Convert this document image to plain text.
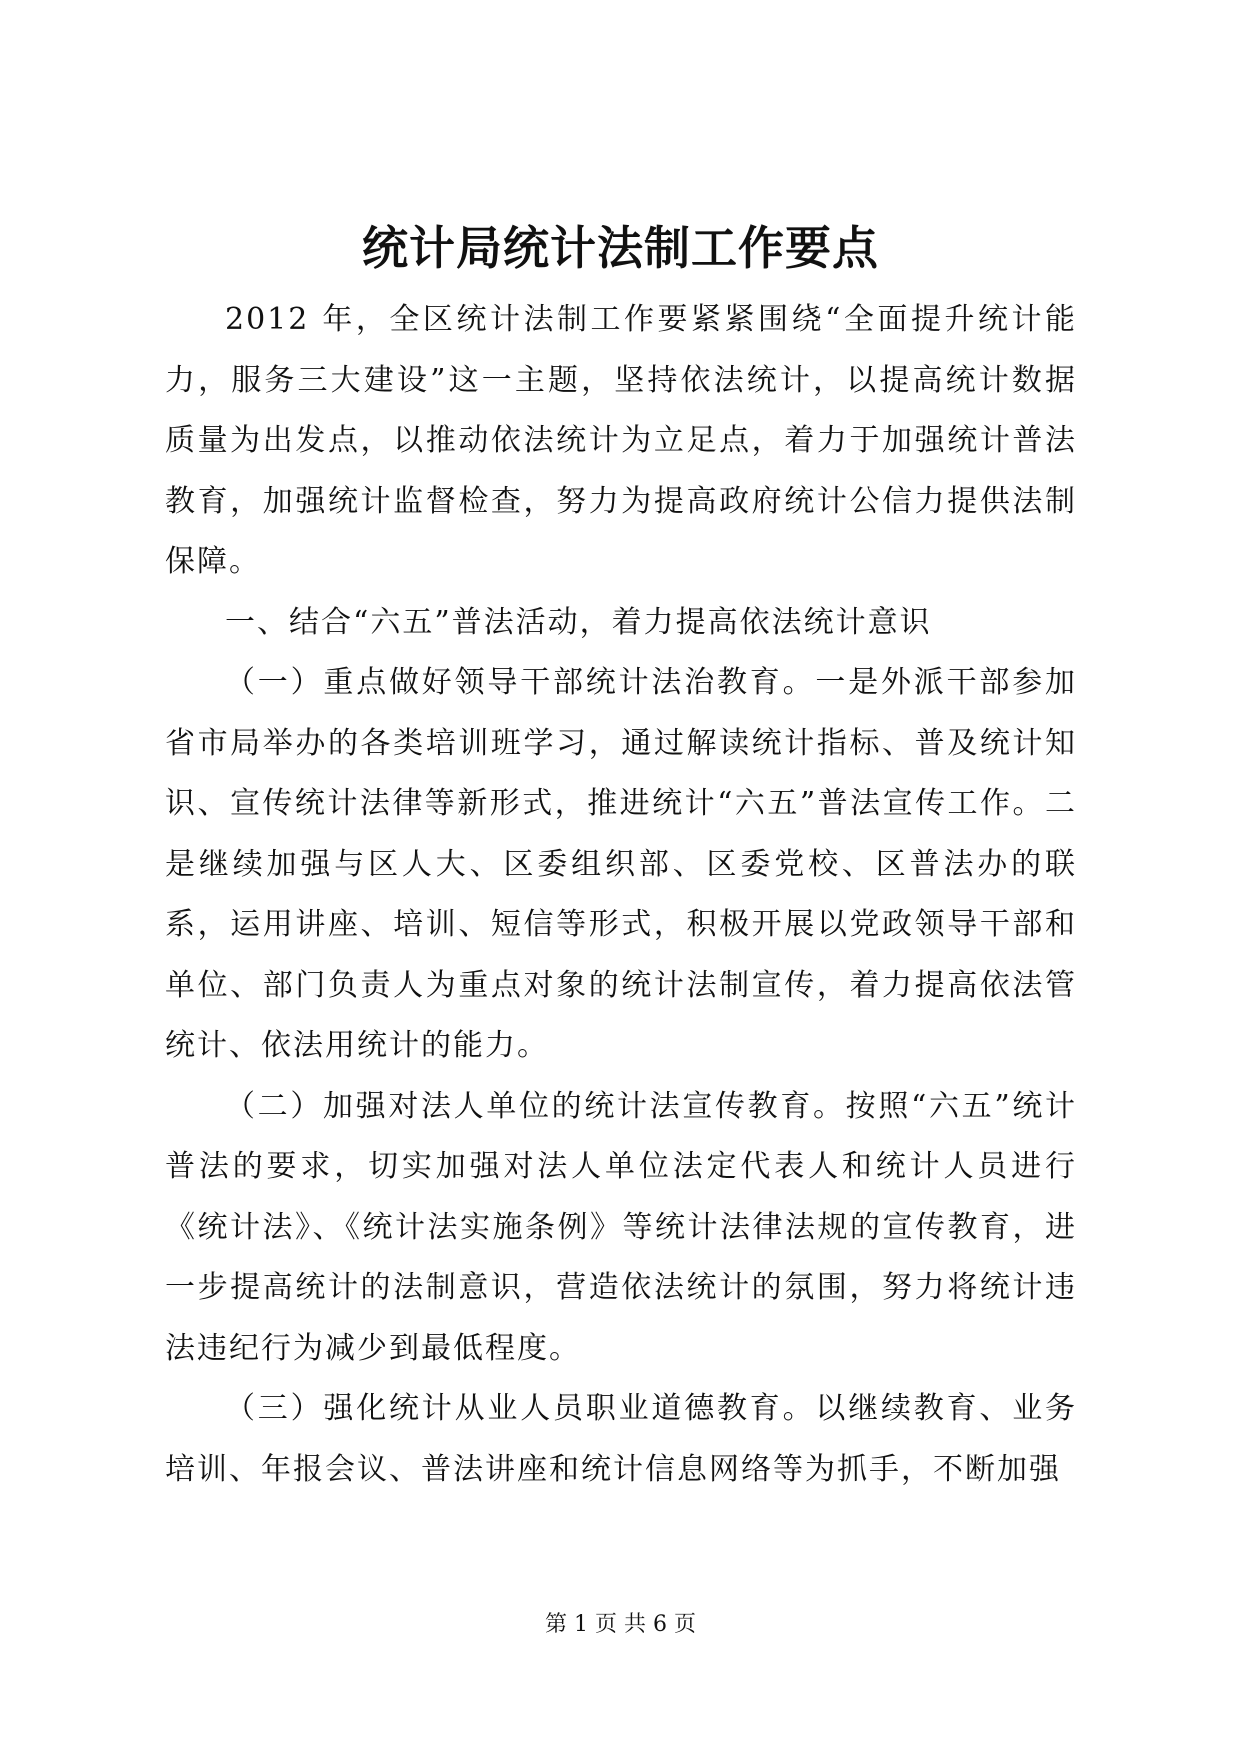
统计局统计法制工作要点

2012 年，全区统计法制工作要紧紧围绕“全面提升统计能力，服务三大建设”这一主题，坚持依法统计，以提高统计数据质量为出发点，以推动依法统计为立足点，着力于加强统计普法教育，加强统计监督检查，努力为提高政府统计公信力提供法制保障。

一、结合“六五”普法活动，着力提高依法统计意识

（一）重点做好领导干部统计法治教育。一是外派干部参加省市局举办的各类培训班学习，通过解读统计指标、普及统计知识、宣传统计法律等新形式，推进统计“六五”普法宣传工作。二是继续加强与区人大、区委组织部、区委党校、区普法办的联系，运用讲座、培训、短信等形式，积极开展以党政领导干部和单位、部门负责人为重点对象的统计法制宣传，着力提高依法管统计、依法用统计的能力。

（二）加强对法人单位的统计法宣传教育。按照“六五”统计普法的要求，切实加强对法人单位法定代表人和统计人员进行《统计法》、《统计法实施条例》等统计法律法规的宣传教育，进一步提高统计的法制意识，营造依法统计的氛围，努力将统计违法违纪行为减少到最低程度。

（三）强化统计从业人员职业道德教育。以继续教育、业务培训、年报会议、普法讲座和统计信息网络等为抓手，不断加强

第 1 页 共 6 页
